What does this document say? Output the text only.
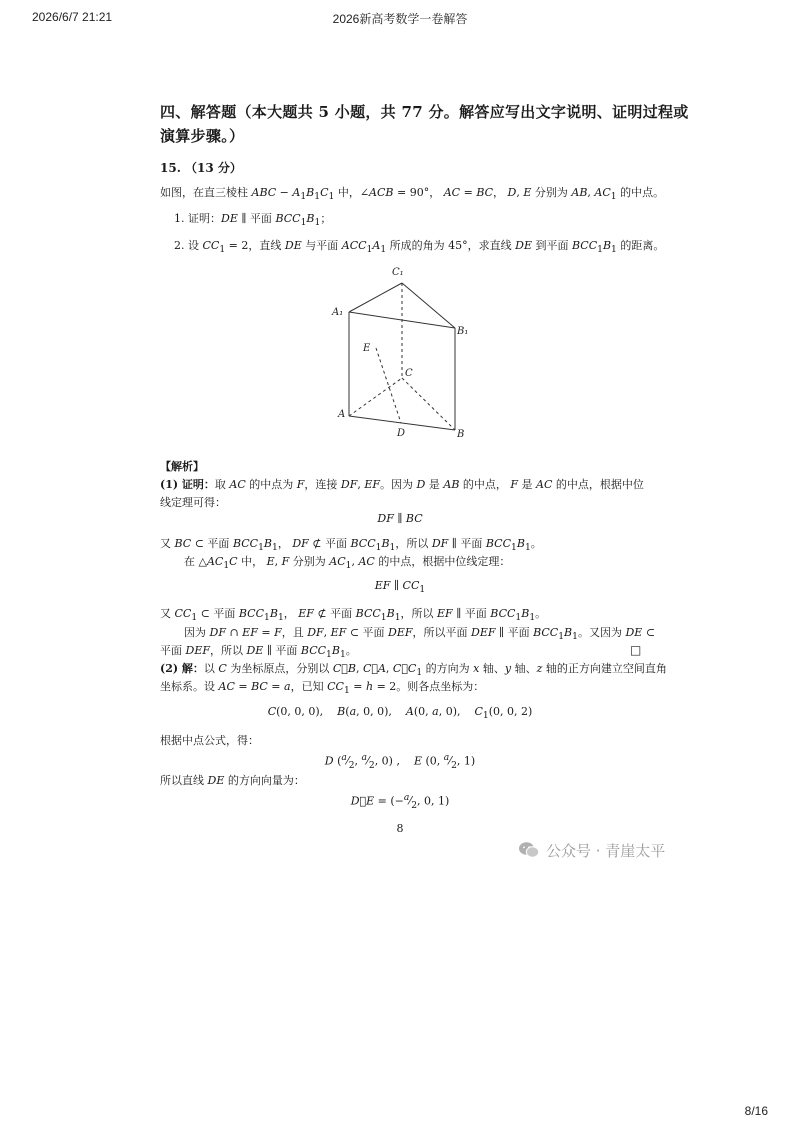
2026/6/7 21:21	2026新高考数学一卷解答
四、解答题（本大题共 5 小题，共 77 分。解答应写出文字说明、证明过程或
演算步骤。）
15. （13 分）
如图，在直三棱柱 ABC − $A_1B_1C_1$ 中，∠ACB = 90°， AC = BC， D, E 分别为 AB, $AC_1$ 的中点。
1. 证明：DE ∥ 平面 $BCC_1B_1$；
2. 设 $CC_1 = 2$，直线 DE 与平面 $ACC_1A_1$ 所成的角为 45°，求直线 DE 到平面 $BCC_1B_1$ 的距离。
【解析】
(1) 证明：取 AC 的中点为 F，连接 DF, EF。因为 D 是 AB 的中点， F 是 AC 的中点，根据中位
线定理可得：
DF ∥ BC
又 BC ⊂ 平面 $BCC_1B_1$， DF ⊄ 平面 $BCC_1B_1$，所以 DF ∥ 平面 $BCC_1B_1$。
在 $\triangle AC_1C$ 中， E, F 分别为 $AC_1$, AC 的中点，根据中位线定理：
EF ∥ $CC_1$
又 $CC_1$ ⊂ 平面 $BCC_1B_1$， EF ⊄ 平面 $BCC_1B_1$，所以 EF ∥ 平面 $BCC_1B_1$。
因为 DF ∩ EF = F，且 DF, EF ⊂ 平面 DEF，所以平面 DEF ∥ 平面 $BCC_1B_1$。又因为 DE ⊂
平面 DEF，所以 DE ∥ 平面 $BCC_1B_1$。	□
(2) 解：以 C 为坐标原点，分别以 C⃗B, C⃗A, $C⃗C_1$ 的方向为 x 轴、y 轴、z 轴的正方向建立空间直角
坐标系。设 AC = BC = a，已知 $CC_1 = h = 2$。则各点坐标为：
C(0, 0, 0),    B(a, 0, 0),    A(0, a, 0),    $C_1(0$, 0, 2)
根据中点公式，得：
D ($^a⁄_2$, $^a⁄_2$, 0) ,    E (0, $^a⁄_2$, 1)
所以直线 DE 的方向向量为：
D⃗E = ($-^a⁄_2$, 0, 1)
C₁
A₁
B₁
E
C
A
D	B
8
公众号 · 青崖太平
8/16
